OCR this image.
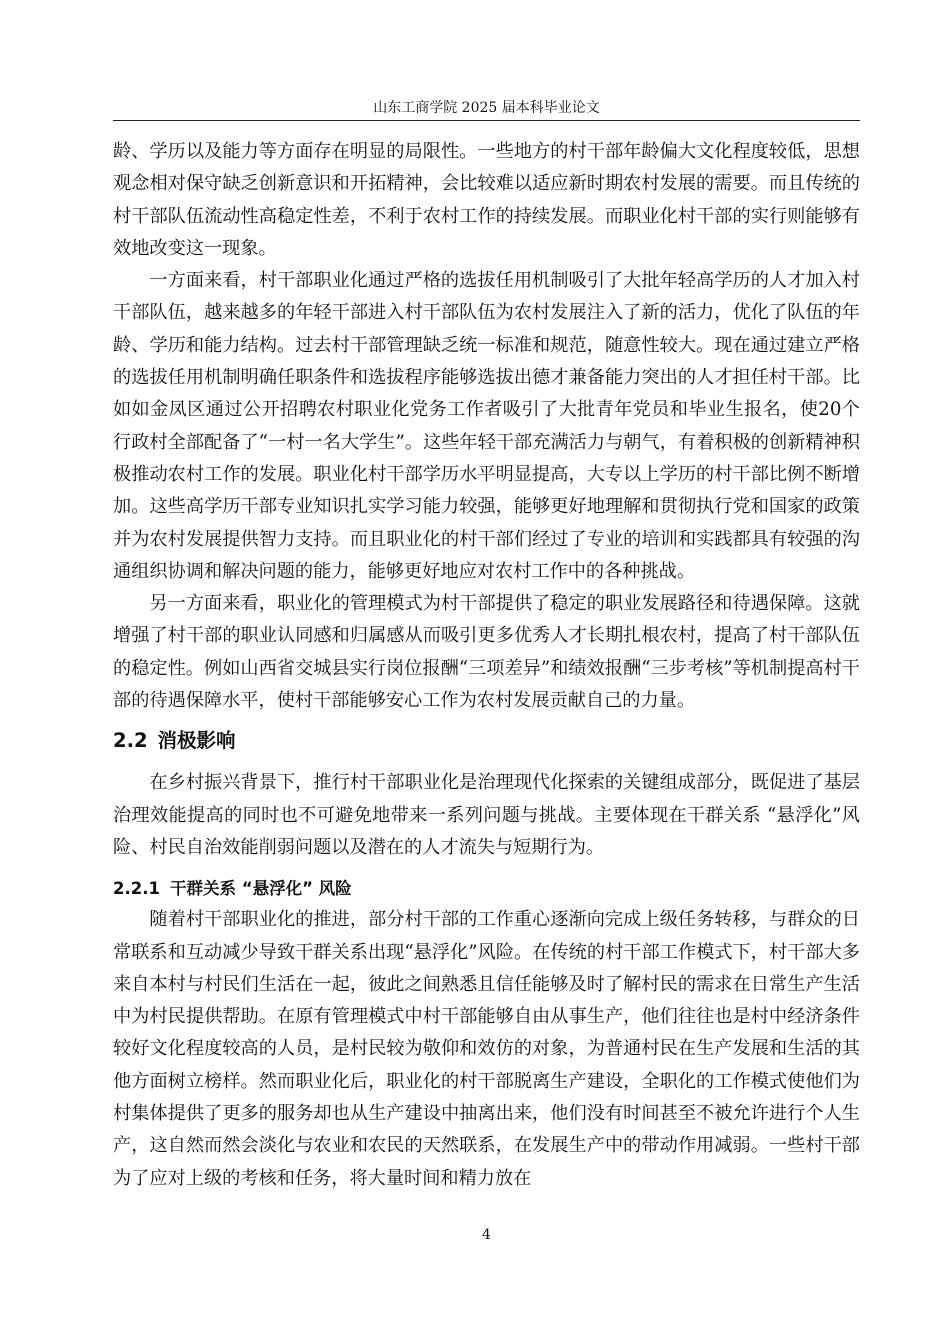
山东工商学院 2025 届本科毕业论文

龄、学历以及能力等方面存在明显的局限性。一些地方的村干部年龄偏大文化程度较低，思想观念相对保守缺乏创新意识和开拓精神，会比较难以适应新时期农村发展的需要。而且传统的村干部队伍流动性高稳定性差，不利于农村工作的持续发展。而职业化村干部的实行则能够有效地改变这一现象。

一方面来看，村干部职业化通过严格的选拔任用机制吸引了大批年轻高学历的人才加入村干部队伍，越来越多的年轻干部进入村干部队伍为农村发展注入了新的活力，优化了队伍的年龄、学历和能力结构。过去村干部管理缺乏统一标准和规范，随意性较大。现在通过建立严格的选拔任用机制明确任职条件和选拔程序能够选拔出德才兼备能力突出的人才担任村干部。比如如金凤区通过公开招聘农村职业化党务工作者吸引了大批青年党员和毕业生报名，使20个行政村全部配备了“一村一名大学生”。这些年轻干部充满活力与朝气，有着积极的创新精神积极推动农村工作的发展。职业化村干部学历水平明显提高，大专以上学历的村干部比例不断增加。这些高学历干部专业知识扎实学习能力较强，能够更好地理解和贯彻执行党和国家的政策并为农村发展提供智力支持。而且职业化的村干部们经过了专业的培训和实践都具有较强的沟通组织协调和解决问题的能力，能够更好地应对农村工作中的各种挑战。

另一方面来看，职业化的管理模式为村干部提供了稳定的职业发展路径和待遇保障。这就增强了村干部的职业认同感和归属感从而吸引更多优秀人才长期扎根农村，提高了村干部队伍的稳定性。例如山西省交城县实行岗位报酬“三项差异”和绩效报酬“三步考核”等机制提高村干部的待遇保障水平，使村干部能够安心工作为农村发展贡献自己的力量。

2.2 消极影响

在乡村振兴背景下，推行村干部职业化是治理现代化探索的关键组成部分，既促进了基层治理效能提高的同时也不可避免地带来一系列问题与挑战。主要体现在干群关系 “悬浮化”风险、村民自治效能削弱问题以及潜在的人才流失与短期行为。

2.2.1 干群关系 “悬浮化” 风险

随着村干部职业化的推进，部分村干部的工作重心逐渐向完成上级任务转移，与群众的日常联系和互动减少导致干群关系出现“悬浮化”风险。在传统的村干部工作模式下，村干部大多来自本村与村民们生活在一起，彼此之间熟悉且信任能够及时了解村民的需求在日常生产生活中为村民提供帮助。在原有管理模式中村干部能够自由从事生产，他们往往也是村中经济条件较好文化程度较高的人员，是村民较为敬仰和效仿的对象，为普通村民在生产发展和生活的其他方面树立榜样。然而职业化后，职业化的村干部脱离生产建设，全职化的工作模式使他们为村集体提供了更多的服务却也从生产建设中抽离出来，他们没有时间甚至不被允许进行个人生产，这自然而然会淡化与农业和农民的天然联系，在发展生产中的带动作用减弱。一些村干部为了应对上级的考核和任务，将大量时间和精力放在

4
